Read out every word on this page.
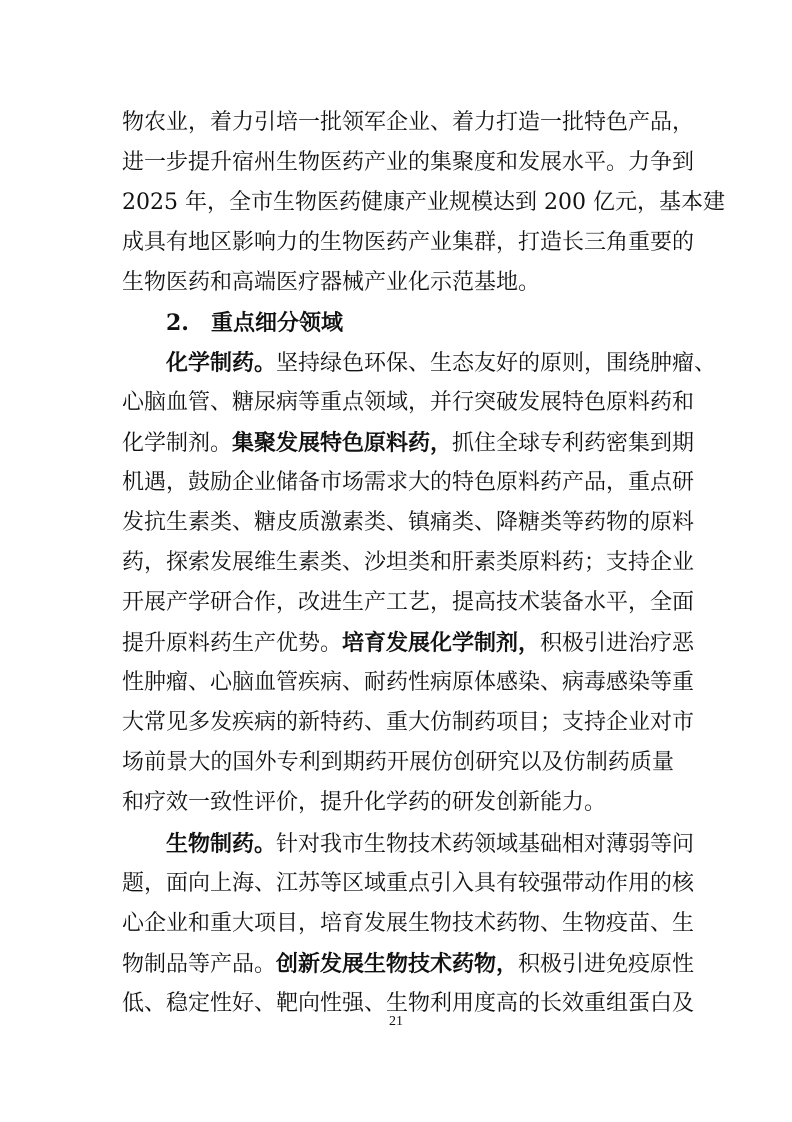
物农业，着力引培一批领军企业、着力打造一批特色产品，
进一步提升宿州生物医药产业的集聚度和发展水平。力争到
2025 年，全市生物医药健康产业规模达到 200 亿元，基本建
成具有地区影响力的生物医药产业集群，打造长三角重要的
生物医药和高端医疗器械产业化示范基地。
2.　重点细分领域
化学制药。坚持绿色环保、生态友好的原则，围绕肿瘤、
心脑血管、糖尿病等重点领域，并行突破发展特色原料药和
化学制剂。集聚发展特色原料药，抓住全球专利药密集到期
机遇，鼓励企业储备市场需求大的特色原料药产品，重点研
发抗生素类、糖皮质激素类、镇痛类、降糖类等药物的原料
药，探索发展维生素类、沙坦类和肝素类原料药；支持企业
开展产学研合作，改进生产工艺，提高技术装备水平，全面
提升原料药生产优势。培育发展化学制剂，积极引进治疗恶
性肿瘤、心脑血管疾病、耐药性病原体感染、病毒感染等重
大常见多发疾病的新特药、重大仿制药项目；支持企业对市
场前景大的国外专利到期药开展仿创研究以及仿制药质量
和疗效一致性评价，提升化学药的研发创新能力。
生物制药。针对我市生物技术药领域基础相对薄弱等问
题，面向上海、江苏等区域重点引入具有较强带动作用的核
心企业和重大项目，培育发展生物技术药物、生物疫苗、生
物制品等产品。创新发展生物技术药物，积极引进免疫原性
低、稳定性好、靶向性强、生物利用度高的长效重组蛋白及
21
